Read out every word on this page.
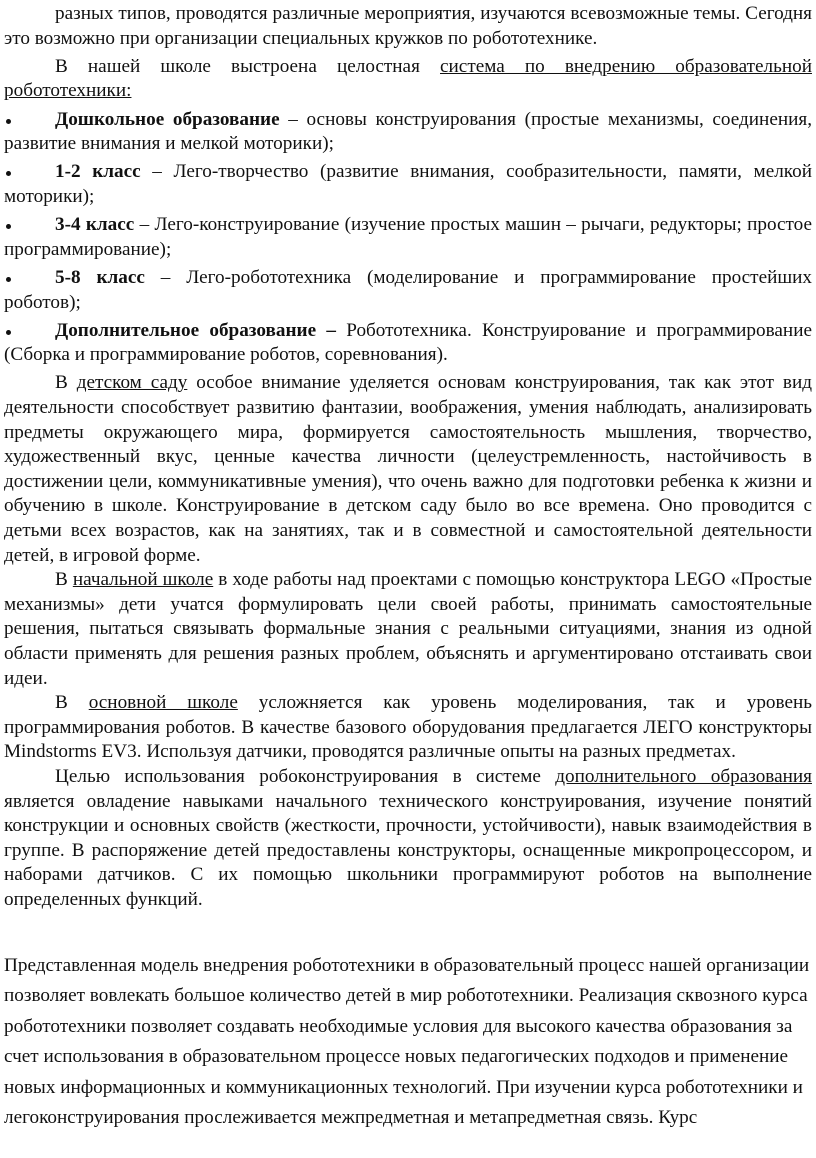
разных типов, проводятся различные мероприятия, изучаются всевозможные темы. Сегодня это возможно при организации специальных кружков по робототехнике.

В нашей школе выстроена целостная система по внедрению образовательной робототехники:

Дошкольное образование – основы конструирования (простые механизмы, соединения, развитие внимания и мелкой моторики);
1-2 класс – Лего-творчество (развитие внимания, сообразительности, памяти, мелкой моторики);
3-4 класс – Лего-конструирование (изучение простых машин – рычаги, редукторы; простое программирование);
5-8 класс – Лего-робототехника (моделирование и программирование простейших роботов);
Дополнительное образование – Робототехника. Конструирование и программирование (Сборка и программирование роботов, соревнования).

В детском саду особое внимание уделяется основам конструирования, так как этот вид деятельности способствует развитию фантазии, воображения, умения наблюдать, анализировать предметы окружающего мира, формируется самостоятельность мышления, творчество, художественный вкус, ценные качества личности (целеустремленность, настойчивость в достижении цели, коммуникативные умения), что очень важно для подготовки ребенка к жизни и обучению в школе. Конструирование в детском саду было во все времена. Оно проводится с детьми всех возрастов, как на занятиях, так и в совместной и самостоятельной деятельности детей, в игровой форме.

В начальной школе в ходе работы над проектами с помощью конструктора LEGO «Простые механизмы» дети учатся формулировать цели своей работы, принимать самостоятельные решения, пытаться связывать формальные знания с реальными ситуациями, знания из одной области применять для решения разных проблем, объяснять и аргументировано отстаивать свои идеи.

В основной школе усложняется как уровень моделирования, так и уровень программирования роботов. В качестве базового оборудования предлагается ЛЕГО конструкторы Mindstorms EV3. Используя датчики, проводятся различные опыты на разных предметах.

Целью использования робоконструирования в системе дополнительного образования является овладение навыками начального технического конструирования, изучение понятий конструкции и основных свойств (жесткости, прочности, устойчивости), навык взаимодействия в группе. В распоряжение детей предоставлены конструкторы, оснащенные микропроцессором, и наборами датчиков. С их помощью школьники программируют роботов на выполнение определенных функций.

Представленная модель внедрения робототехники в образовательный процесс нашей организации позволяет вовлекать большое количество детей в мир робототехники. Реализация сквозного курса робототехники позволяет создавать необходимые условия для высокого качества образования за счет использования в образовательном процессе новых педагогических подходов и применение новых информационных и коммуникационных технологий. При изучении курса робототехники и легоконструирования прослеживается межпредметная и метапредметная связь. Курс
